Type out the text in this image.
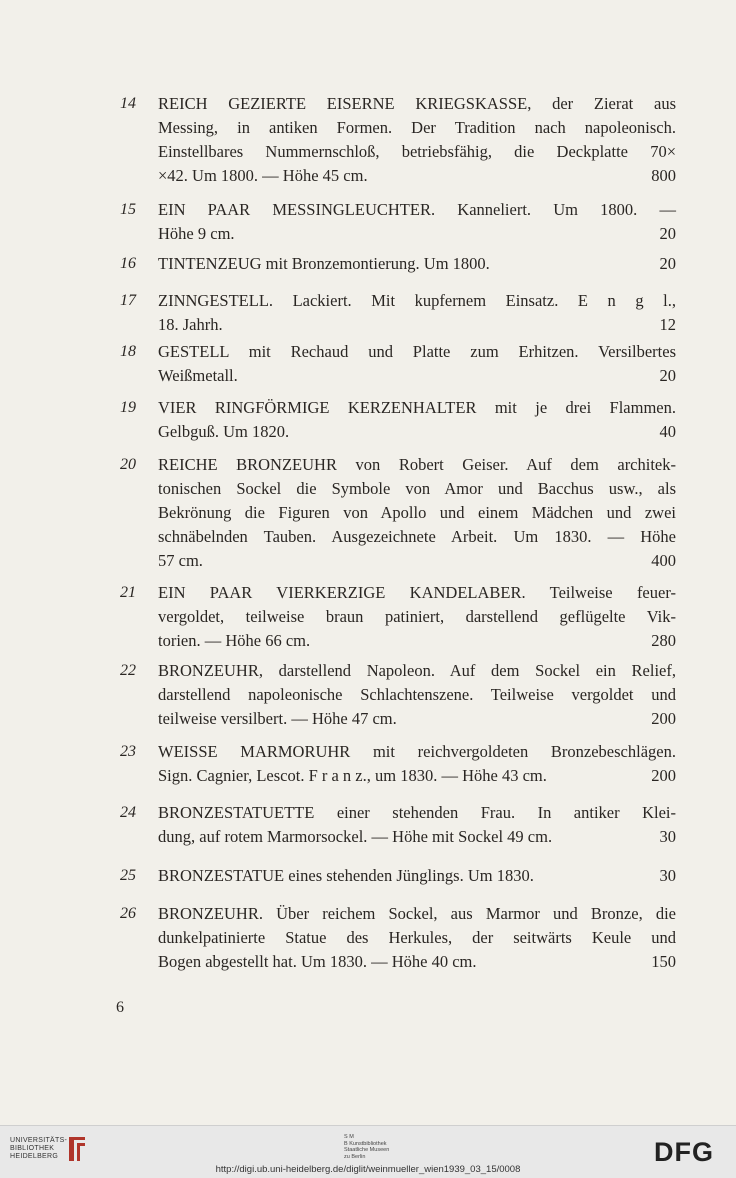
14	REICH GEZIERTE EISERNE KRIEGSKASSE, der Zierat aus
Messing, in antiken Formen. Der Tradition nach napoleonisch.
Einstellbares Nummernschloß, betriebsfähig, die Deckplatte 70×
×42. Um 1800. — Höhe 45 cm.	800
15	EIN PAAR MESSINGLEUCHTER. Kanneliert. Um 1800. —
Höhe 9 cm.	20
16	TINTENZEUG mit Bronzemontierung. Um 1800.	20
17	ZINNGESTELL. Lackiert. Mit kupfernem Einsatz. E n g l.,
18. Jahrh.	12
18	GESTELL mit Rechaud und Platte zum Erhitzen. Versilbertes
Weißmetall.	20
19	VIER RINGFÖRMIGE KERZENHALTER mit je drei Flammen.
Gelbguß. Um 1820.	40
20	REICHE BRONZEUHR von Robert Geiser. Auf dem architek-
tonischen Sockel die Symbole von Amor und Bacchus usw., als
Bekrönung die Figuren von Apollo und einem Mädchen und zwei
schnäbelnden Tauben. Ausgezeichnete Arbeit. Um 1830. — Höhe
57 cm.	400
21	EIN PAAR VIERKERZIGE KANDELABER. Teilweise feuer-
vergoldet, teilweise braun patiniert, darstellend geflügelte Vik-
torien. — Höhe 66 cm.	280
22	BRONZEUHR, darstellend Napoleon. Auf dem Sockel ein Relief,
darstellend napoleonische Schlachtenszene. Teilweise vergoldet und
teilweise versilbert. — Höhe 47 cm.	200
23	WEISSE MARMORUHR mit reichvergoldeten Bronzebeschlägen.
Sign. Cagnier, Lescot. F r a n z., um 1830. — Höhe 43 cm.	200
24	BRONZESTATUETTE einer stehenden Frau. In antiker Klei-
dung, auf rotem Marmorsockel. — Höhe mit Sockel 49 cm.	30
25	BRONZESTATUE eines stehenden Jünglings. Um 1830.	30
26	BRONZEUHR. Über reichem Sockel, aus Marmor und Bronze, die
dunkelpatinierte Statue des Herkules, der seitwärts Keule und
Bogen abgestellt hat. Um 1830. — Höhe 40 cm.	150
6
UNIVERSITÄTS-
BIBLIOTHEK
HEIDELBERG
S M
B Kunstbibliothek
Staatliche Museen
zu Berlin
http://digi.ub.uni-heidelberg.de/diglit/weinmueller_wien1939_03_15/0008
DFG
